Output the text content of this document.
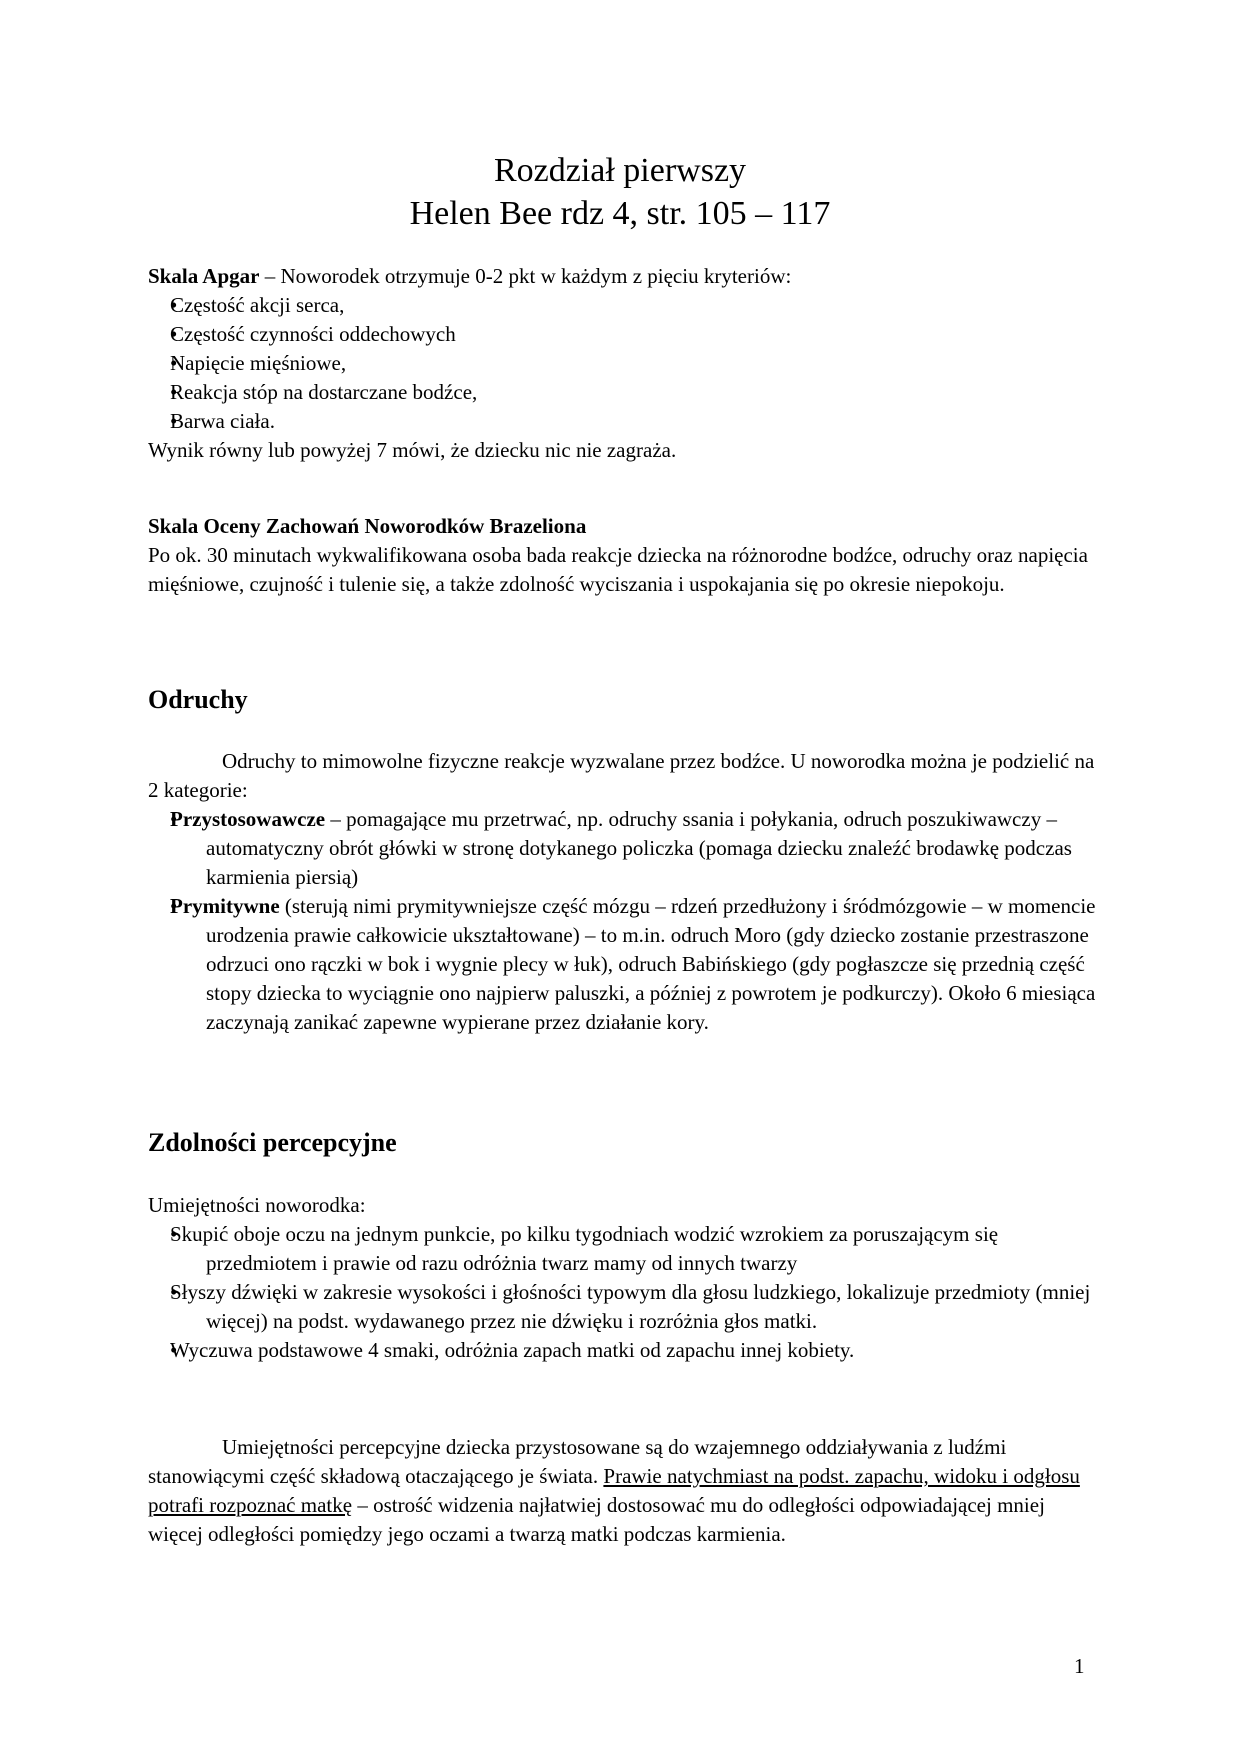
Rozdział pierwszy
Helen Bee rdz 4, str. 105 – 117

Skala Apgar – Noworodek otrzymuje 0-2 pkt w każdym z pięciu kryteriów:

• Częstość akcji serca,
• Częstość czynności oddechowych
• Napięcie mięśniowe,
• Reakcja stóp na dostarczane bodźce,
• Barwa ciała.

Wynik równy lub powyżej 7 mówi, że dziecku nic nie zagraża.

Skala Oceny Zachowań Noworodków Brazeliona

Po ok. 30 minutach wykwalifikowana osoba bada reakcje dziecka na różnorodne bodźce, odruchy oraz napięcia mięśniowe, czujność i tulenie się, a także zdolność wyciszania i uspokajania się po okresie niepokoju.

Odruchy

Odruchy to mimowolne fizyczne reakcje wyzwalane przez bodźce. U noworodka można je podzielić na 2 kategorie:

• Przystosowawcze – pomagające mu przetrwać, np. odruchy ssania i połykania, odruch poszukiwawczy – automatyczny obrót główki w stronę dotykanego policzka (pomaga dziecku znaleźć brodawkę podczas karmienia piersią)
• Prymitywne (sterują nimi prymitywniejsze część mózgu – rdzeń przedłużony i śródmózgowie – w momencie urodzenia prawie całkowicie ukształtowane) – to m.in. odruch Moro (gdy dziecko zostanie przestraszone odrzuci ono rączki w bok i wygnie plecy w łuk), odruch Babińskiego (gdy pogłaszcze się przednią część stopy dziecka to wyciągnie ono najpierw paluszki, a później z powrotem je podkurczy). Około 6 miesiąca zaczynają zanikać zapewne wypierane przez działanie kory.
Zdolności percepcyjne

Umiejętności noworodka:

• Skupić oboje oczu na jednym punkcie, po kilku tygodniach wodzić wzrokiem za poruszającym się przedmiotem i prawie od razu odróżnia twarz mamy od innych twarzy
• Słyszy dźwięki w zakresie wysokości i głośności typowym dla głosu ludzkiego, lokalizuje przedmioty (mniej więcej) na podst. wydawanego przez nie dźwięku i rozróżnia głos matki.
• Wyczuwa podstawowe 4 smaki, odróżnia zapach matki od zapachu innej kobiety.

Umiejętności percepcyjne dziecka przystosowane są do wzajemnego oddziaływania z ludźmi stanowiącymi część składową otaczającego je świata. Prawie natychmiast na podst. zapachu, widoku i odgłosu potrafi rozpoznać matkę – ostrość widzenia najłatwiej dostosować mu do odległości odpowiadającej mniej więcej odległości pomiędzy jego oczami a twarzą matki podczas karmienia.

1
